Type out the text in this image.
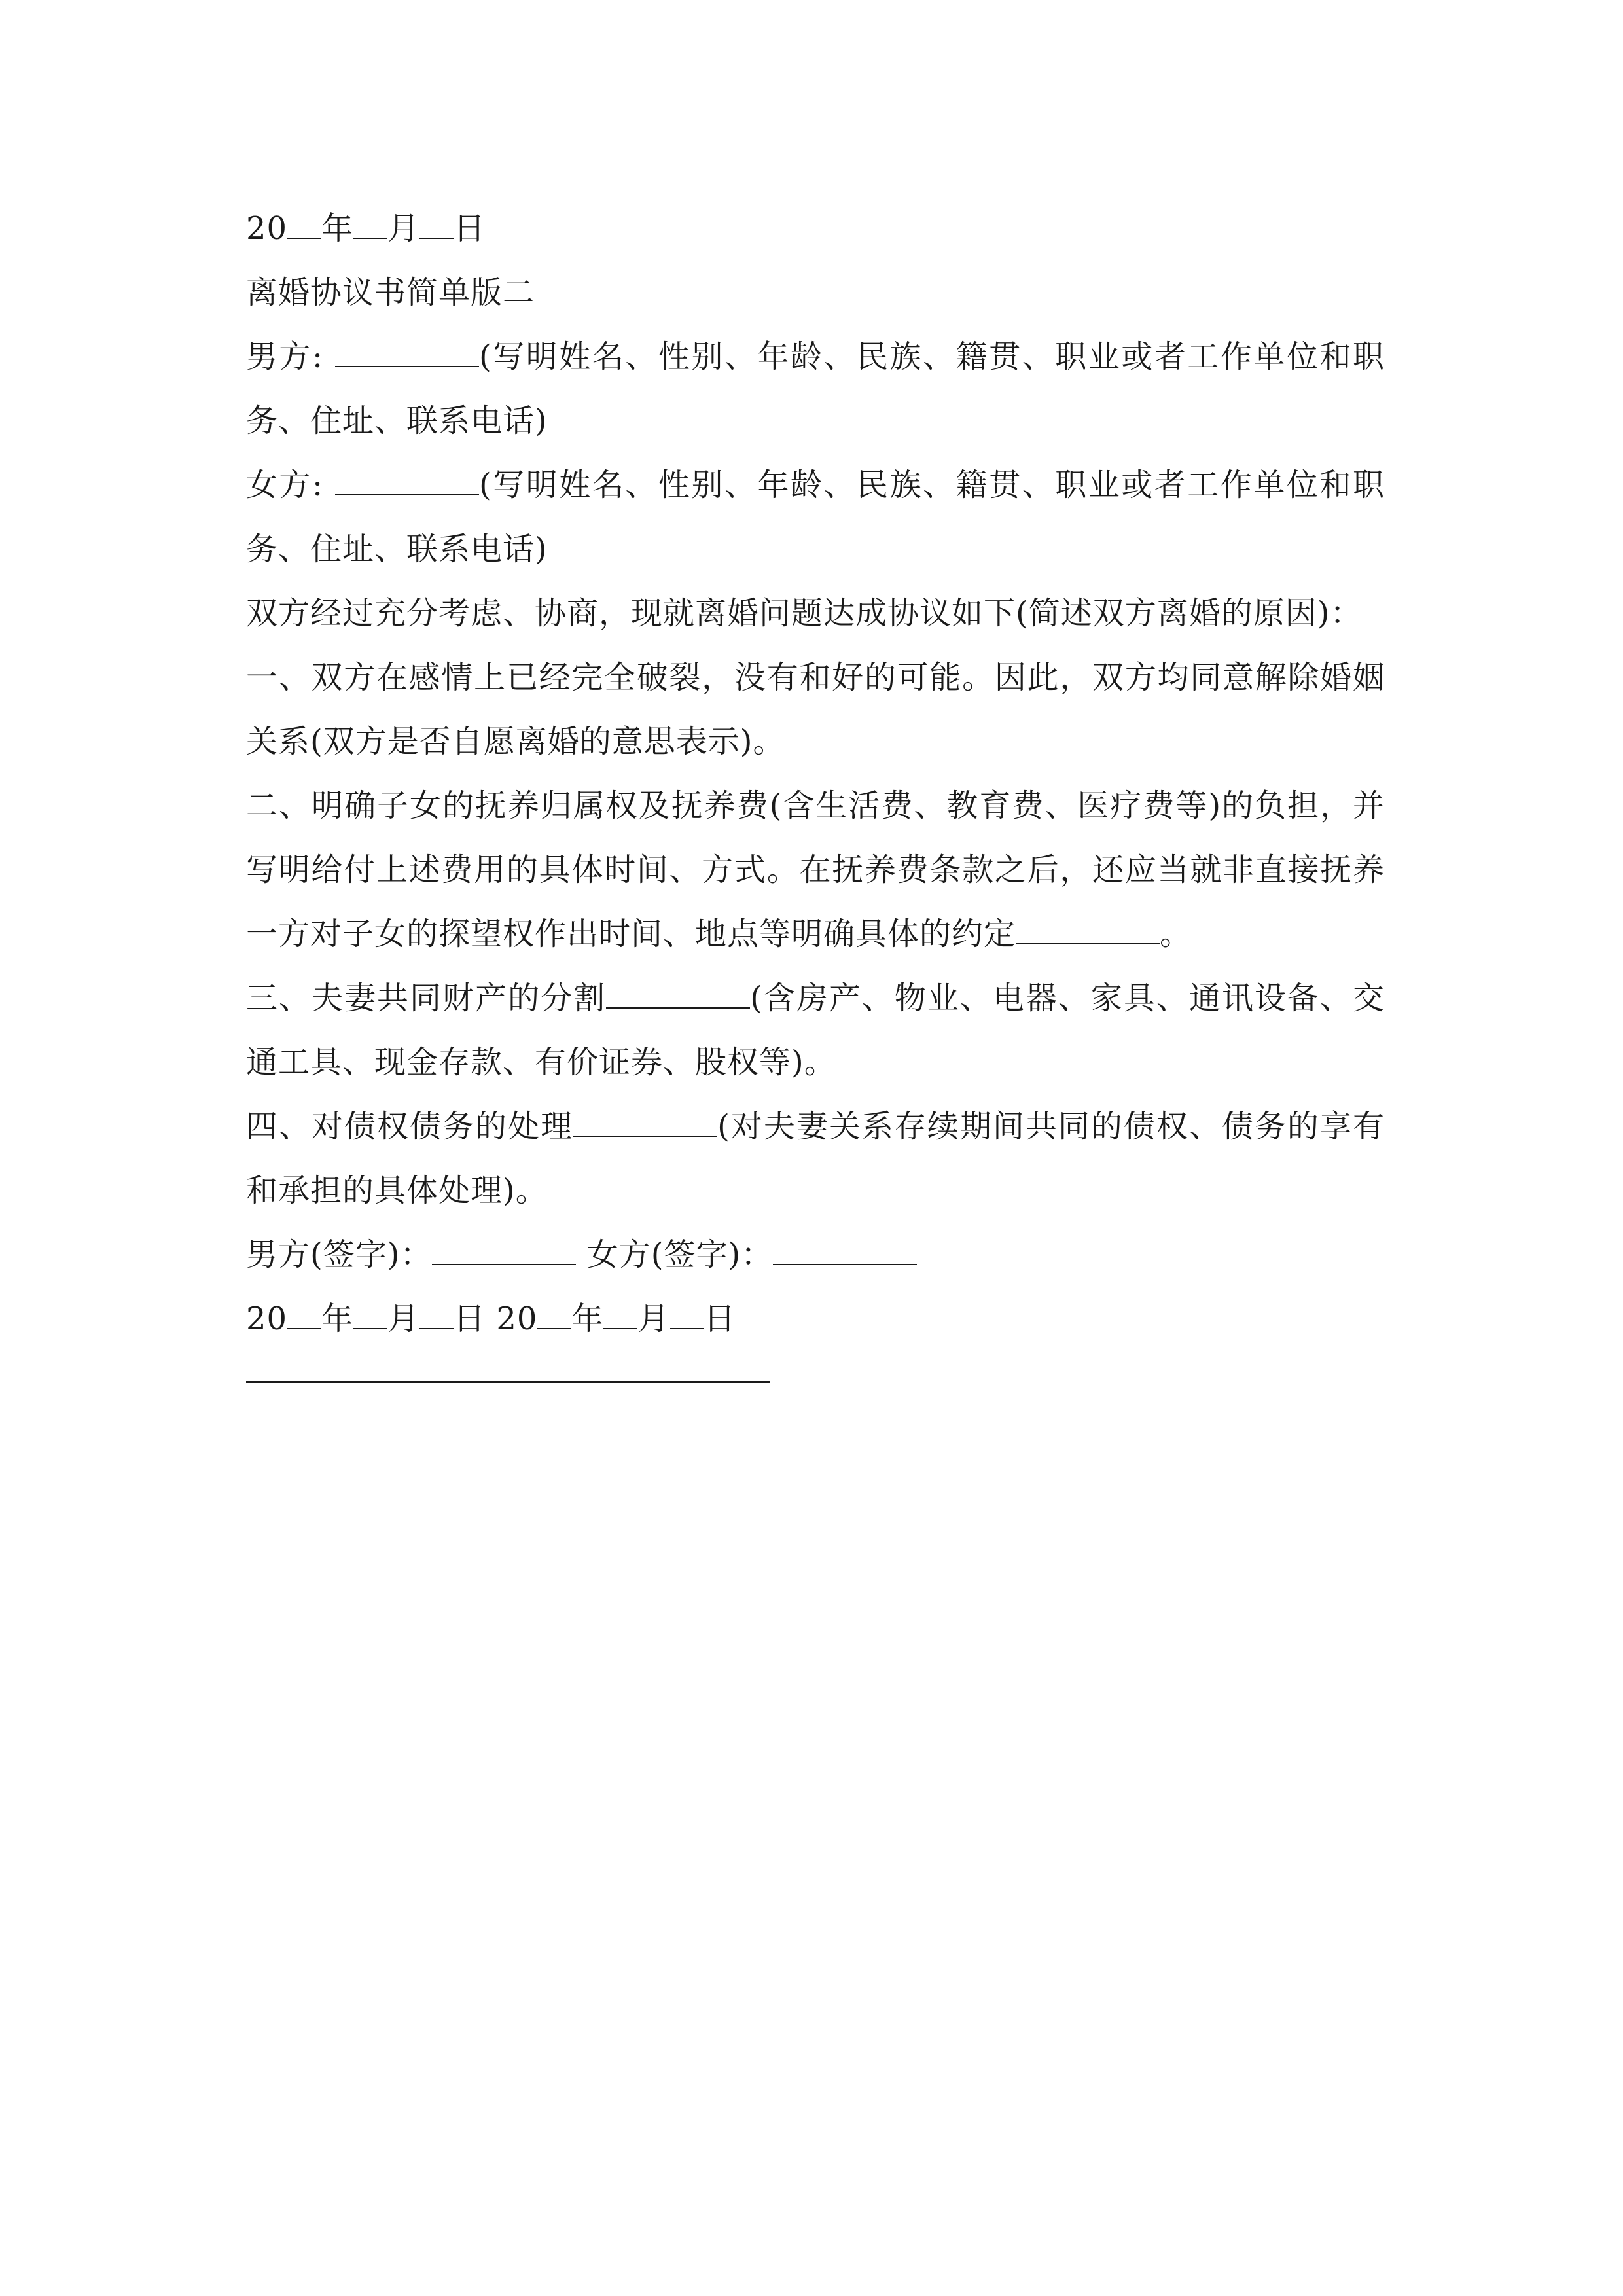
20 年 月 日
离婚协议书简单版二
男方:	(写明姓名、性别、年龄、民族、籍贯、职业或者工作单位和职务、住址、联系电话)
女方:	(写明姓名、性别、年龄、民族、籍贯、职业或者工作单位和职务、住址、联系电话)
双方经过充分考虑、协商，现就离婚问题达成协议如下(简述双方离婚的原因)：
一、双方在感情上已经完全破裂，没有和好的可能。因此，双方均同意解除婚姻关系(双方是否自愿离婚的意思表示)。
二、明确子女的抚养归属权及抚养费(含生活费、教育费、医疗费等)的负担，并写明给付上述费用的具体时间、方式。在抚养费条款之后，还应当就非直接抚养一方对子女的探望权作出时间、地点等明确具体的约定	。
三、夫妻共同财产的分割	(含房产、物业、电器、家具、通讯设备、交通工具、现金存款、有价证券、股权等)。
四、对债权债务的处理	(对夫妻关系存续期间共同的债权、债务的享有和承担的具体处理)。
男方(签字)：	女方(签字)：
20 年 月 日 20 年 月 日
